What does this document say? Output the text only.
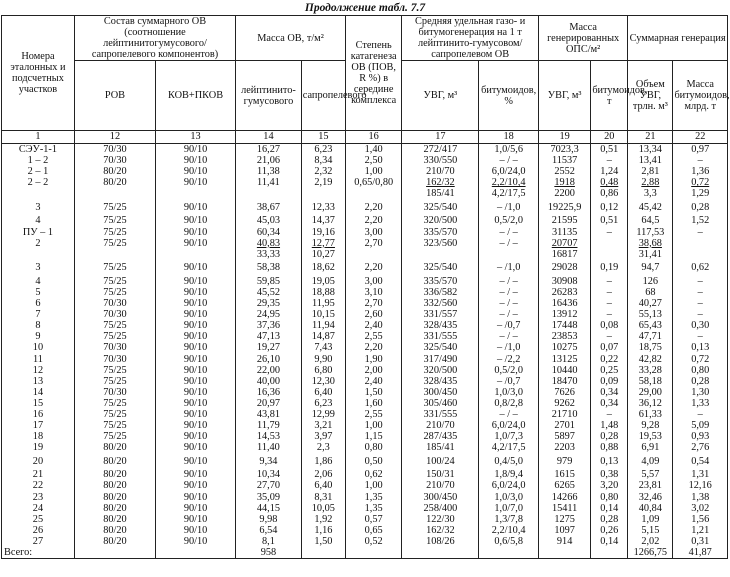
Продолжение табл. 7.7
Номера эталонных и подсчетных участков	Состав суммарного ОВ (соотношение лейптинитогумусового/сапропелевого компонентов)		Масса ОВ, т/м²		Степень катагенеза ОВ (ПОВ, R %) в середине комплекса	Средняя удельная газо- и битумогенерация на 1 т лейптинито-гумусовом/сапропелевом ОВ		Масса генерированных ОПС/м²		Суммарная генерация	
	РОВ	КОВ+ПКОВ	лейптинито-гумусового	сапропелевого		УВГ, м³	битумоидов, %	УВГ, м³	битумоидов, т	Объем УВГ, трлн. м³	Масса битумоидов, млрд. т
1	12	13	14	15	16	17	18	19	20	21	22
СЭУ-1-1	70/30	90/10	16,27	6,23	1,40	272/417	1,0/5,6	7023,3	0,51	13,34	0,97
1 – 2	70/30	90/10	21,06	8,34	2,50	330/550	– / –	11537	–	13,41	–
2 – 1	80/20	90/10	11,38	2,32	1,00	210/70	6,0/24,0	2552	1,24	2,81	1,36
2 – 2	80/20	90/10	11,41	2,19	0,65/0,80	162/32	2,2/10,4	1918	0,48	2,88	0,72
						185/41	4,2/17,5	2200	0,86	3,3	1,29
3	75/25	90/10	38,67	12,33	2,20	325/540	– /1,0	19225,9	0,12	45,42	0,28
4	75/25	90/10	45,03	14,37	2,20	320/500	0,5/2,0	21595	0,51	64,5	1,52
ПУ – 1	75/25	90/10	60,34	19,16	3,00	335/570	– / –	31135	–	117,53	–
2	75/25	90/10	40,83	12,77	2,70	323/560	– / –	20707		38,68	
			33,33	10,27				16817		31,41	
3	75/25	90/10	58,38	18,62	2,20	325/540	– /1,0	29028	0,19	94,7	0,62
4	75/25	90/10	59,85	19,05	3,00	335/570	– / –	30908	–	126	–
5	75/25	90/10	45,52	18,88	3,10	336/582	– / –	26283	–	68	–
6	70/30	90/10	29,35	11,95	2,70	332/560	– / –	16436	–	40,27	–
7	70/30	90/10	24,95	10,15	2,60	331/557	– / –	13912	–	55,13	–
8	75/25	90/10	37,36	11,94	2,40	328/435	– /0,7	17448	0,08	65,43	0,30
9	75/25	90/10	47,13	14,87	2,55	331/555	– / –	23853	–	47,71	–
10	70/30	90/10	19,27	7,43	2,20	325/540	– /1,0	10275	0,07	18,75	0,13
11	70/30	90/10	26,10	9,90	1,90	317/490	– /2,2	13125	0,22	42,82	0,72
12	75/25	90/10	22,00	6,80	2,00	320/500	0,5/2,0	10440	0,25	33,28	0,80
13	75/25	90/10	40,00	12,30	2,40	328/435	– /0,7	18470	0,09	58,18	0,28
14	70/30	90/10	16,36	6,40	1,50	300/450	1,0/3,0	7626	0,34	29,00	1,30
15	75/25	90/10	20,97	6,23	1,60	305/460	0,8/2,8	9262	0,34	36,12	1,33
16	75/25	90/10	43,81	12,99	2,55	331/555	– / –	21710	–	61,33	–
17	75/25	90/10	11,79	3,21	1,00	210/70	6,0/24,0	2701	1,48	9,28	5,09
18	75/25	90/10	14,53	3,97	1,15	287/435	1,0/7,3	5897	0,28	19,53	0,93
19	80/20	90/10	11,40	2,3	0,80	185/41	4,2/17,5	2203	0,88	6,91	2,76
20	80/20	90/10	9,34	1,86	0,50	100/24	0,4/5,0	979	0,13	4,09	0,54
21	80/20	90/10	10,34	2,06	0,62	150/31	1,8/9,4	1615	0,38	5,57	1,31
22	80/20	90/10	27,70	6,40	1,00	210/70	6,0/24,0	6265	3,20	23,81	12,16
23	80/20	90/10	35,09	8,31	1,35	300/450	1,0/3,0	14266	0,80	32,46	1,38
24	80/20	90/10	44,15	10,05	1,35	258/400	1,0/7,0	15411	0,14	40,84	3,02
25	80/20	90/10	9,98	1,92	0,57	122/30	1,3/7,8	1275	0,28	1,09	1,56
26	80/20	90/10	6,54	1,16	0,65	162/32	2,2/10,4	1097	0,26	5,15	1,21
27	80/20	90/10	8,1	1,50	0,52	108/26	0,6/5,8	914	0,14	2,02	0,31
Всего:			958							1266,75	41,87
